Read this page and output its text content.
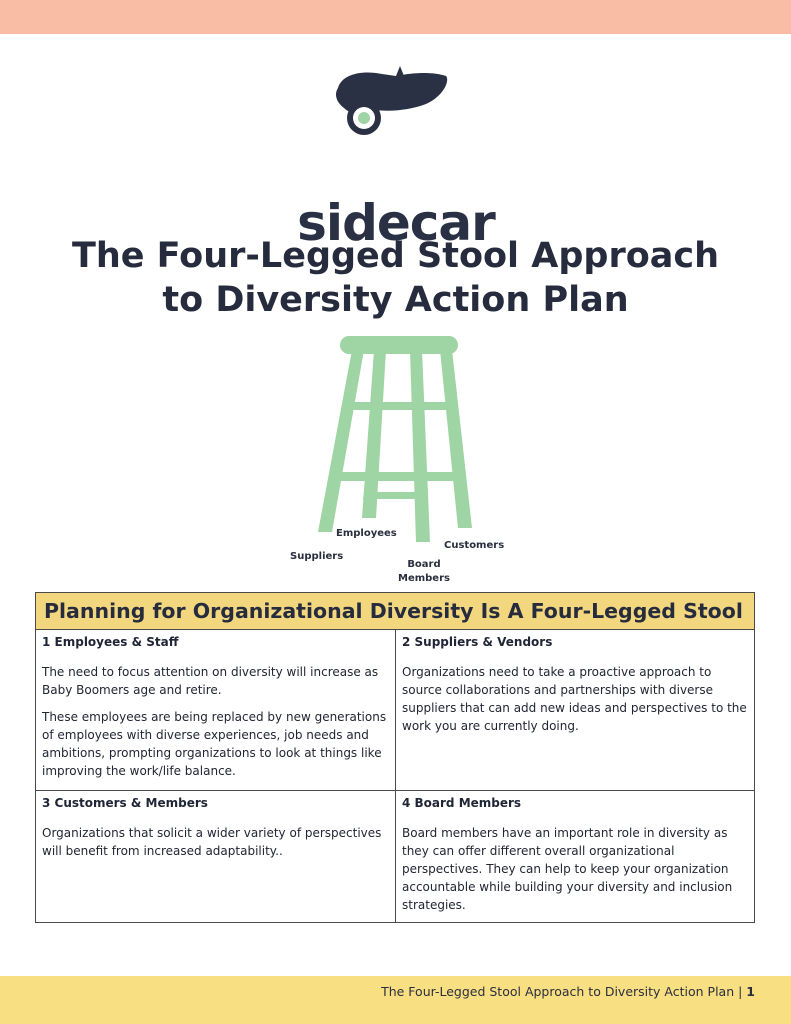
sidecar
The Four-Legged Stool Approach
to Diversity Action Plan
Employees
Suppliers
Customers
Board
Members
Planning for Organizational Diversity Is A Four-Legged Stool
1 Employees & Staff

The need to focus attention on diversity will increase as Baby Boomers age and retire.

These employees are being replaced by new generations of employees with diverse experiences, job needs and ambitions, prompting organizations to look at things like improving the work/life balance.

2 Suppliers & Vendors

Organizations need to take a proactive approach to source collaborations and partnerships with diverse suppliers that can add new ideas and perspectives to the work you are currently doing.

3 Customers & Members

Organizations that solicit a wider variety of perspectives will benefit from increased adaptability..

4 Board Members

Board members have an important role in diversity as they can offer different overall organizational perspectives. They can help to keep your organization accountable while building your diversity and inclusion strategies.

The Four-Legged Stool Approach to Diversity Action Plan | 1
